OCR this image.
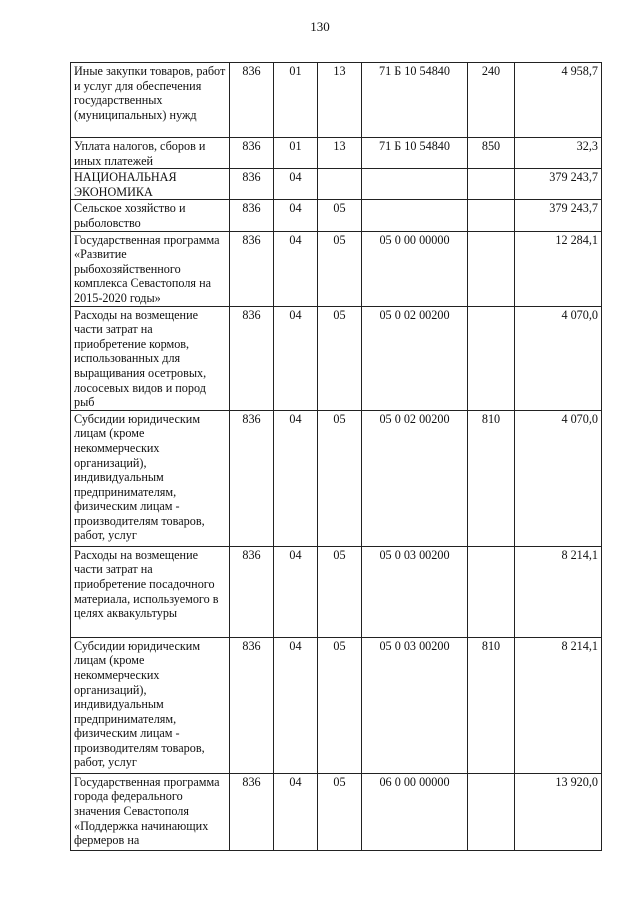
130
Иные закупки товаров, работ и услуг для обеспечения государственных (муниципальных) нужд	836	01	13	71 Б 10 54840	240	4 958,7
Уплата налогов, сборов и иных платежей	836	01	13	71 Б 10 54840	850	32,3
НАЦИОНАЛЬНАЯ ЭКОНОМИКА	836	04				379 243,7
Сельское хозяйство и рыболовство	836	04	05			379 243,7
Государственная программа «Развитие рыбохозяйственного комплекса Севастополя на 2015-2020 годы»	836	04	05	05 0 00 00000		12 284,1
Расходы на возмещение части затрат на приобретение кормов, использованных для выращивания осетровых, лососевых видов и пород рыб	836	04	05	05 0 02 00200		4 070,0
Субсидии юридическим лицам (кроме некоммерческих организаций), индивидуальным предпринимателям, физическим лицам - производителям товаров, работ, услуг	836	04	05	05 0 02 00200	810	4 070,0
Расходы на возмещение части затрат на приобретение посадочного материала, используемого в целях аквакультуры	836	04	05	05 0 03 00200		8 214,1
Субсидии юридическим лицам (кроме некоммерческих организаций), индивидуальным предпринимателям, физическим лицам - производителям товаров, работ, услуг	836	04	05	05 0 03 00200	810	8 214,1
Государственная программа города федерального значения Севастополя «Поддержка начинающих фермеров на	836	04	05	06 0 00 00000		13 920,0
